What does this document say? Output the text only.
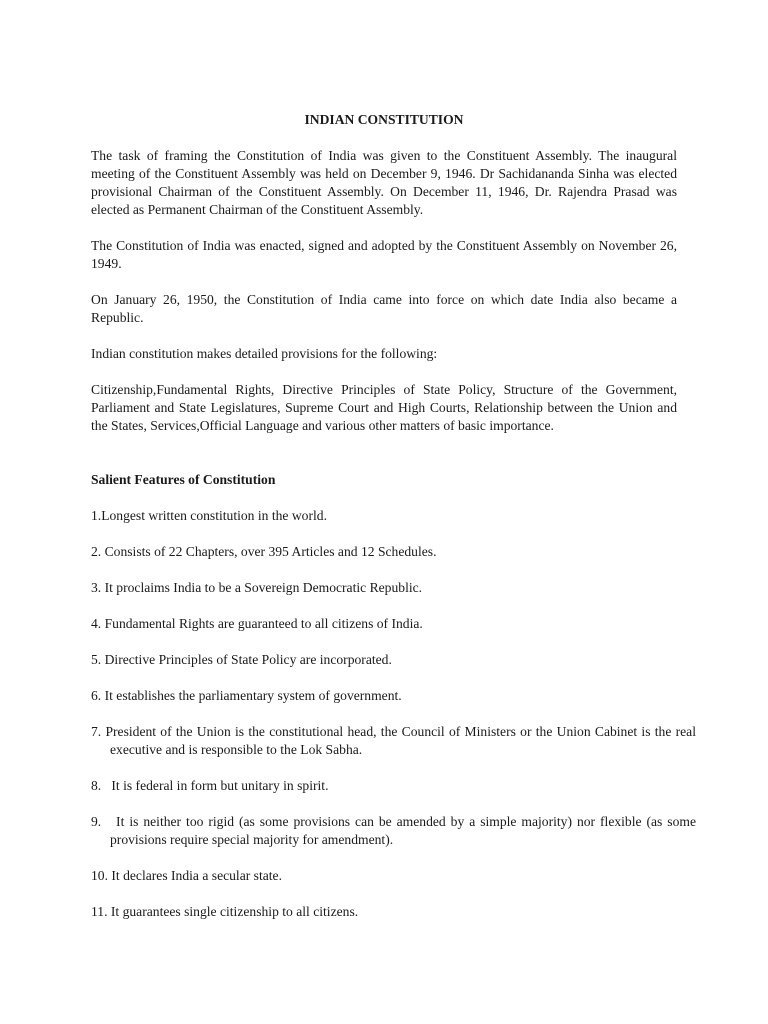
INDIAN CONSTITUTION

The task of framing the Constitution of India was given to the Constituent Assembly. The inaugural meeting of the Constituent Assembly was held on December 9, 1946. Dr Sachidananda Sinha was elected provisional Chairman of the Constituent Assembly. On December 11, 1946, Dr. Rajendra Prasad was elected as Permanent Chairman of the Constituent Assembly.

The Constitution of India was enacted, signed and adopted by the Constituent Assembly on November 26, 1949.

On January 26, 1950, the Constitution of India came into force on which date India also became a Republic.

Indian constitution makes detailed provisions for the following:

Citizenship,Fundamental Rights, Directive Principles of State Policy, Structure of the Government, Parliament and State Legislatures, Supreme Court and High Courts, Relationship between the Union and the States, Services,Official Language and various other matters of basic importance.

Salient Features of Constitution

1.Longest written constitution in the world.

2. Consists of 22 Chapters, over 395 Articles and 12 Schedules.

3. It proclaims India to be a Sovereign Democratic Republic.

4. Fundamental Rights are guaranteed to all citizens of India.

5. Directive Principles of State Policy are incorporated.

6. It establishes the parliamentary system of government.

7. President of the Union is the constitutional head, the Council of Ministers or the Union Cabinet is the real executive and is responsible to the Lok Sabha.

8.   It is federal in form but unitary in spirit.

9.   It is neither too rigid (as some provisions can be amended by a simple majority) nor flexible (as some provisions require special majority for amendment).

10. It declares India a secular state.

11. It guarantees single citizenship to all citizens.
